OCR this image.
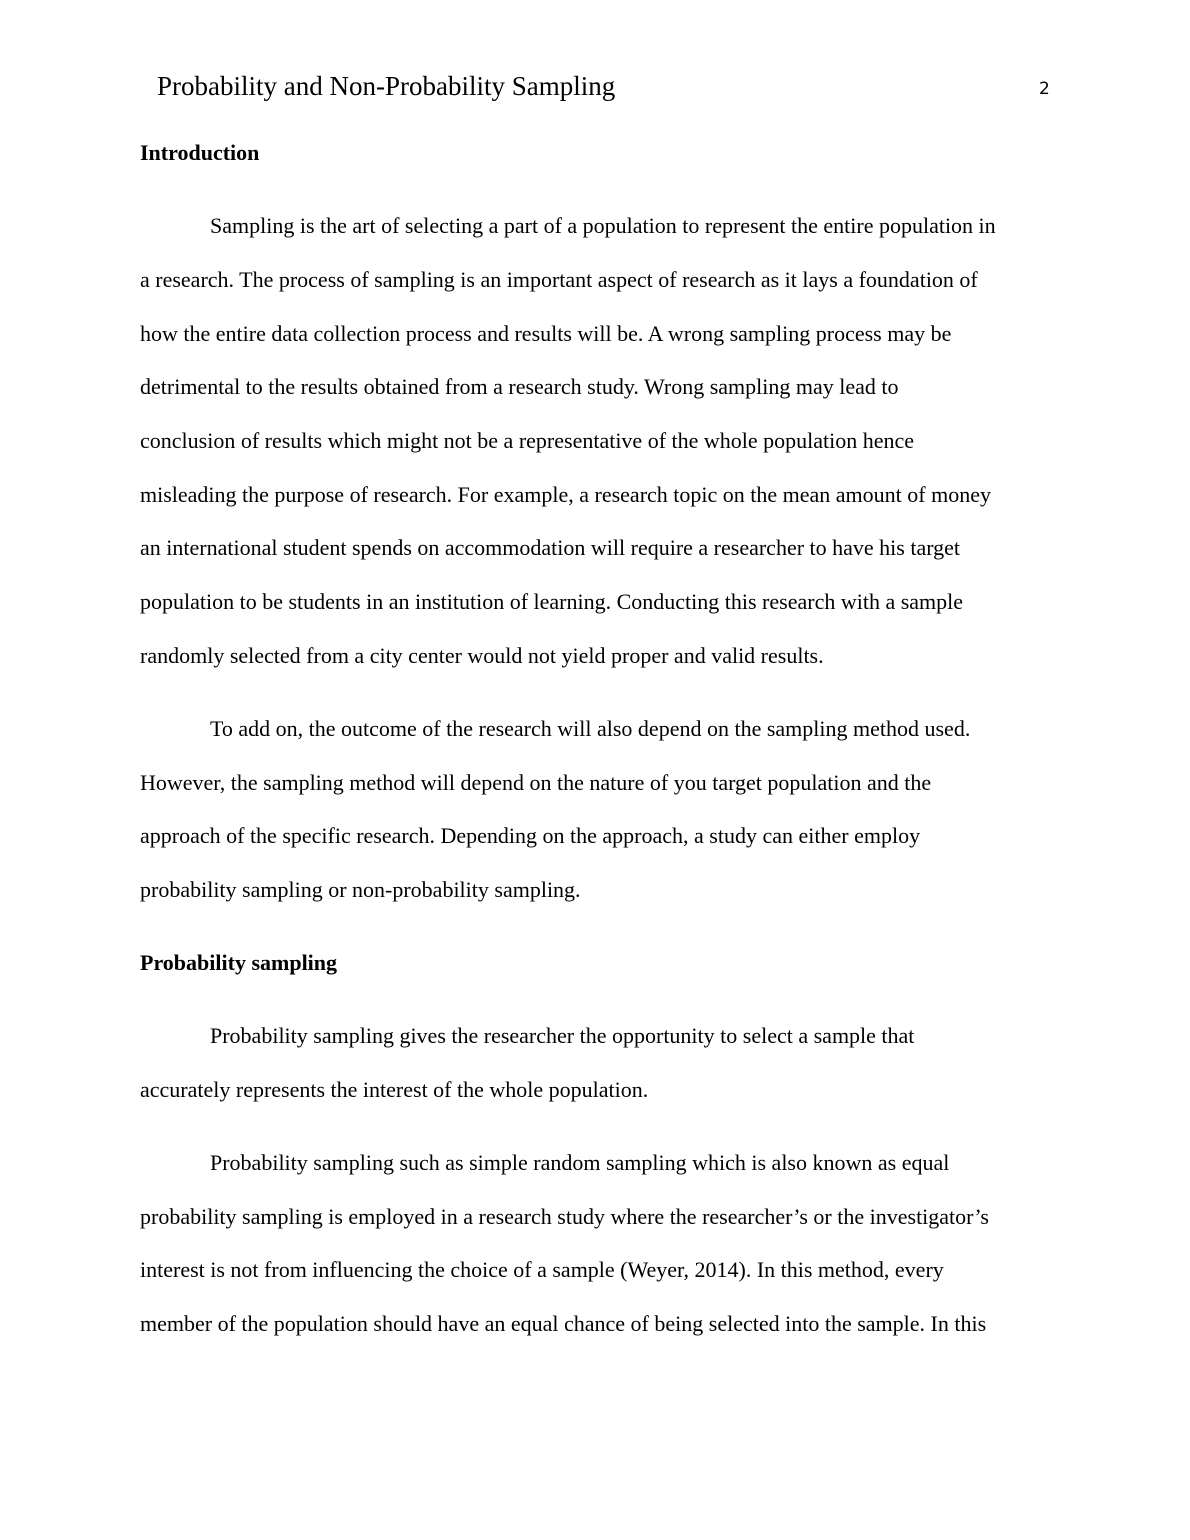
Probability and Non-Probability Sampling	2
Introduction
Sampling is the art of selecting a part of a population to represent the entire population in
a research. The process of sampling is an important aspect of research as it lays a foundation of
how the entire data collection process and results will be. A wrong sampling process may be
detrimental to the results obtained from a research study. Wrong sampling may lead to
conclusion of results which might not be a representative of the whole population hence
misleading the purpose of research. For example, a research topic on the mean amount of money
an international student spends on accommodation will require a researcher to have his target
population to be students in an institution of learning. Conducting this research with a sample
randomly selected from a city center would not yield proper and valid results.
To add on, the outcome of the research will also depend on the sampling method used.
However, the sampling method will depend on the nature of you target population and the
approach of the specific research. Depending on the approach, a study can either employ
probability sampling or non-probability sampling.
Probability sampling
Probability sampling gives the researcher the opportunity to select a sample that
accurately represents the interest of the whole population.
Probability sampling such as simple random sampling which is also known as equal
probability sampling is employed in a research study where the researcher’s or the investigator’s
interest is not from influencing the choice of a sample (Weyer, 2014). In this method, every
member of the population should have an equal chance of being selected into the sample. In this
